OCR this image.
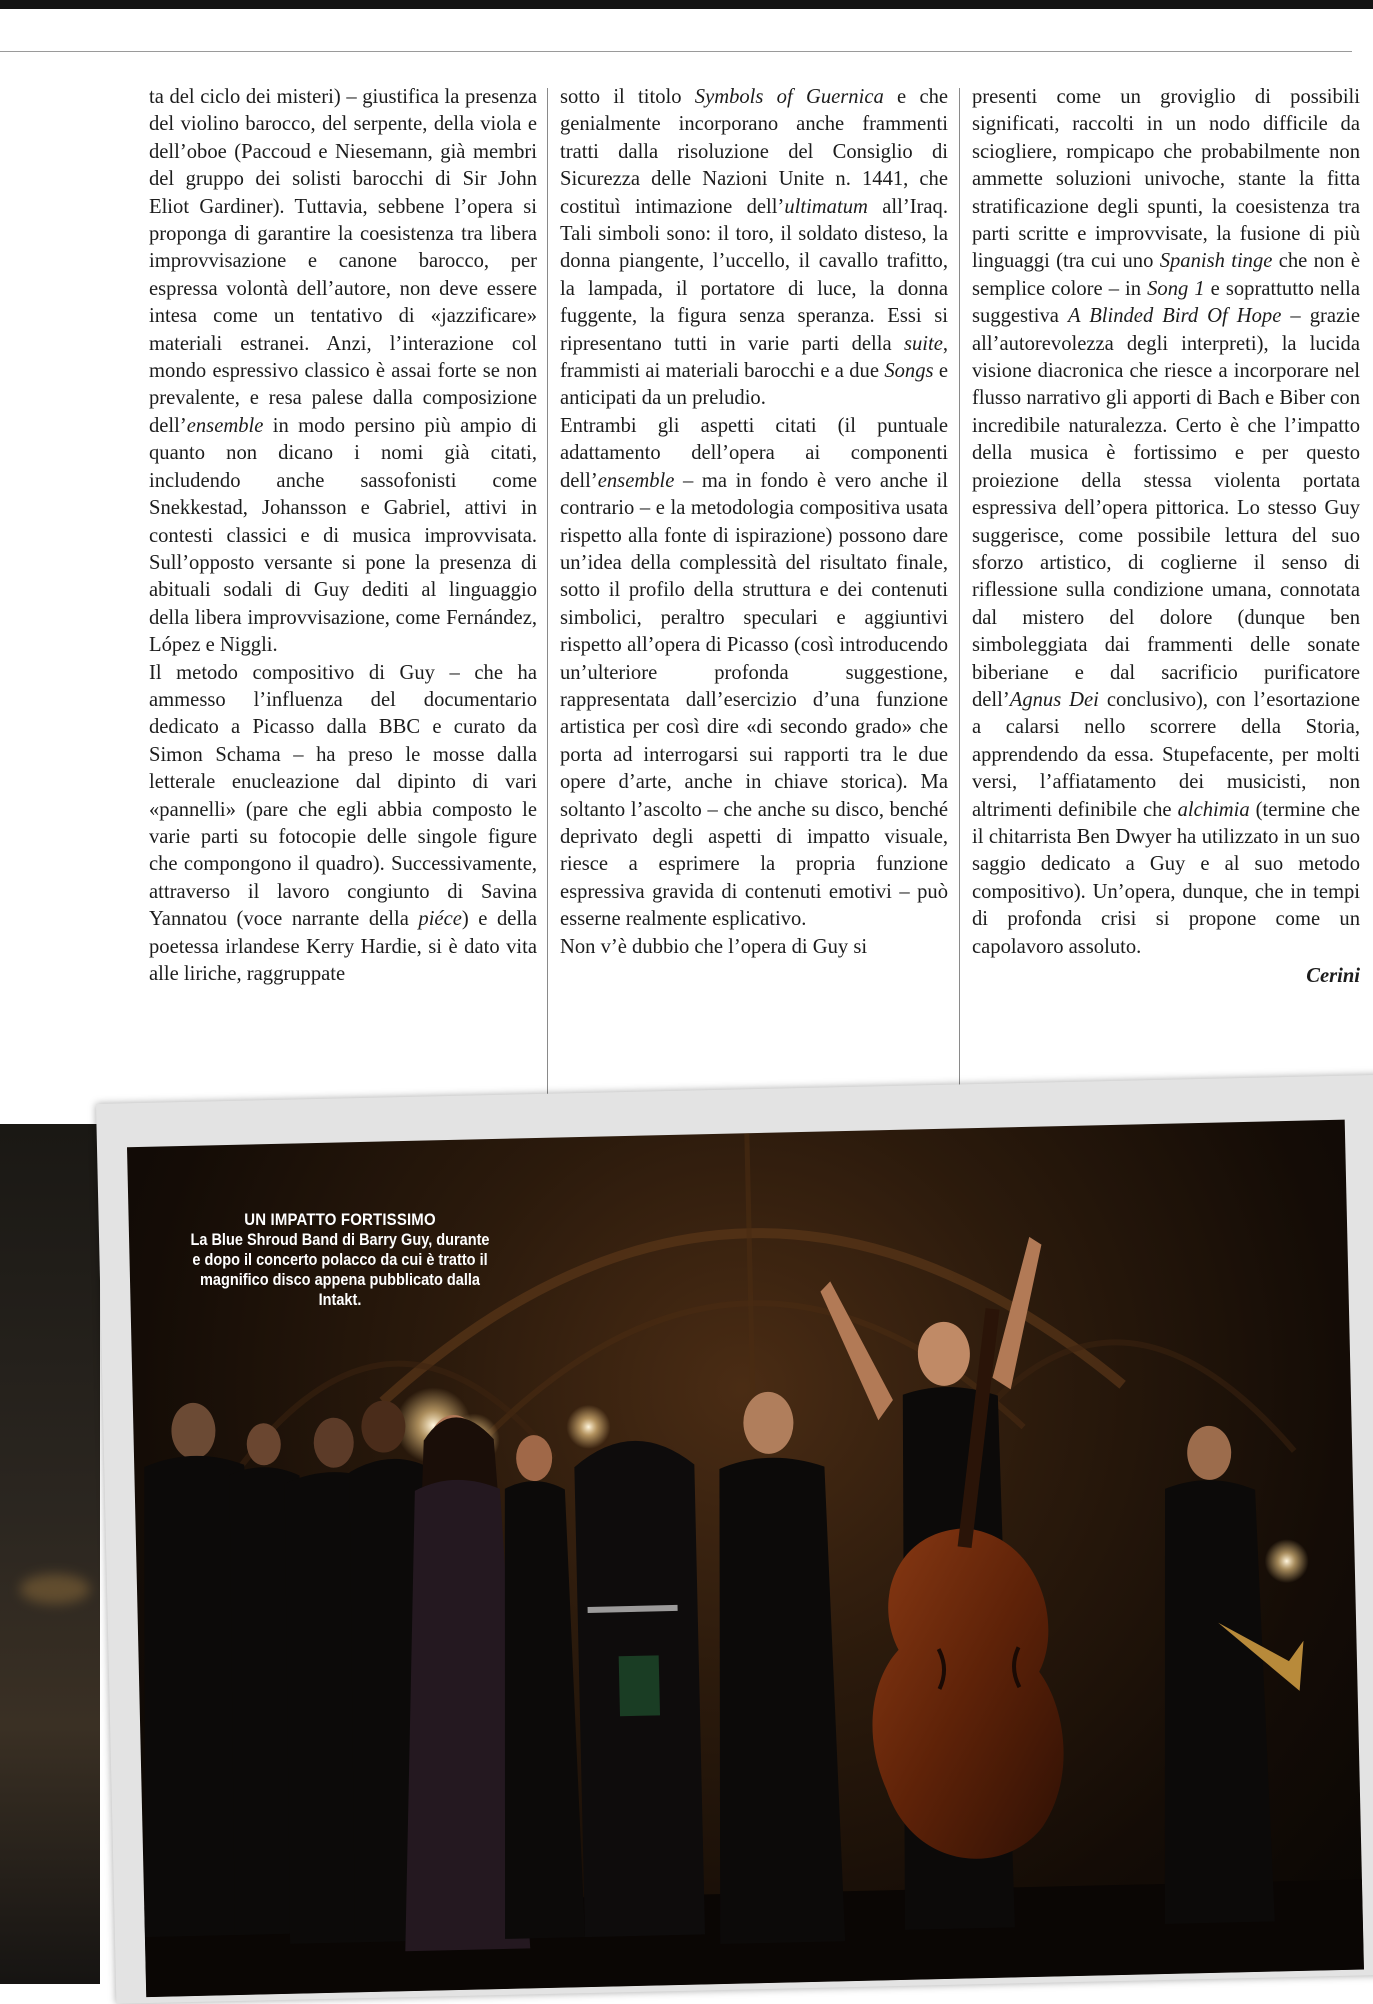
ta del ciclo dei misteri) – giustifica la presenza del violino barocco, del serpente, della viola e dell’oboe (Paccoud e Niesemann, già membri del gruppo dei solisti barocchi di Sir John Eliot Gardiner). Tuttavia, sebbene l’opera si proponga di garantire la coesistenza tra libera improvvisazione e canone barocco, per espressa volontà dell’autore, non deve essere intesa come un tentativo di «jazzificare» materiali estranei. Anzi, l’interazione col mondo espressivo classico è assai forte se non prevalente, e resa palese dalla composizione dell’ensemble in modo persino più ampio di quanto non dicano i nomi già citati, includendo anche sassofonisti come Snekkestad, Johansson e Gabriel, attivi in contesti classici e di musica improvvisata. Sull’opposto versante si pone la presenza di abituali sodali di Guy dediti al linguaggio della libera improvvisazione, come Fernández, López e Niggli.

Il metodo compositivo di Guy – che ha ammesso l’influenza del documentario dedicato a Picasso dalla BBC e curato da Simon Schama – ha preso le mosse dalla letterale enucleazione dal dipinto di vari «pannelli» (pare che egli abbia composto le varie parti su fotocopie delle singole figure che compongono il quadro). Successivamente, attraverso il lavoro congiunto di Savina Yannatou (voce narrante della piéce) e della poetessa irlandese Kerry Hardie, si è dato vita alle liriche, raggruppate

sotto il titolo Symbols of Guernica e che genialmente incorporano anche frammenti tratti dalla risoluzione del Consiglio di Sicurezza delle Nazioni Unite n. 1441, che costituì intimazione dell’ultimatum all’Iraq. Tali simboli sono: il toro, il soldato disteso, la donna piangente, l’uccello, il cavallo trafitto, la lampada, il portatore di luce, la donna fuggente, la figura senza speranza. Essi si ripresentano tutti in varie parti della suite, frammisti ai materiali barocchi e a due Songs e anticipati da un preludio.

Entrambi gli aspetti citati (il puntuale adattamento dell’opera ai componenti dell’ensemble – ma in fondo è vero anche il contrario – e la metodologia compositiva usata rispetto alla fonte di ispirazione) possono dare un’idea della complessità del risultato finale, sotto il profilo della struttura e dei contenuti simbolici, peraltro speculari e aggiuntivi rispetto all’opera di Picasso (così introducendo un’ulteriore profonda suggestione, rappresentata dall’esercizio d’una funzione artistica per così dire «di secondo grado» che porta ad interrogarsi sui rapporti tra le due opere d’arte, anche in chiave storica). Ma soltanto l’ascolto – che anche su disco, benché deprivato degli aspetti di impatto visuale, riesce a esprimere la propria funzione espressiva gravida di contenuti emotivi – può esserne realmente esplicativo.

Non v’è dubbio che l’opera di Guy si

presenti come un groviglio di possibili significati, raccolti in un nodo difficile da sciogliere, rompicapo che probabilmente non ammette soluzioni univoche, stante la fitta stratificazione degli spunti, la coesistenza tra parti scritte e improvvisate, la fusione di più linguaggi (tra cui uno Spanish tinge che non è semplice colore – in Song 1 e soprattutto nella suggestiva A Blinded Bird Of Hope – grazie all’autorevolezza degli interpreti), la lucida visione diacronica che riesce a incorporare nel flusso narrativo gli apporti di Bach e Biber con incredibile naturalezza. Certo è che l’impatto della musica è fortissimo e per questo proiezione della stessa violenta portata espressiva dell’opera pittorica. Lo stesso Guy suggerisce, come possibile lettura del suo sforzo artistico, di coglierne il senso di riflessione sulla condizione umana, connotata dal mistero del dolore (dunque ben simboleggiata dai frammenti delle sonate biberiane e dal sacrificio purificatore dell’Agnus Dei conclusivo), con l’esortazione a calarsi nello scorrere della Storia, apprendendo da essa. Stupefacente, per molti versi, l’affiatamento dei musicisti, non altrimenti definibile che alchimia (termine che il chitarrista Ben Dwyer ha utilizzato in un suo saggio dedicato a Guy e al suo metodo compositivo). Un’opera, dunque, che in tempi di profonda crisi si propone come un capolavoro assoluto.

Cerini

UN IMPATTO FORTISSIMO
La Blue Shroud Band di Barry Guy, durante e dopo il concerto polacco da cui è tratto il magnifico disco appena pubblicato dalla Intakt.
